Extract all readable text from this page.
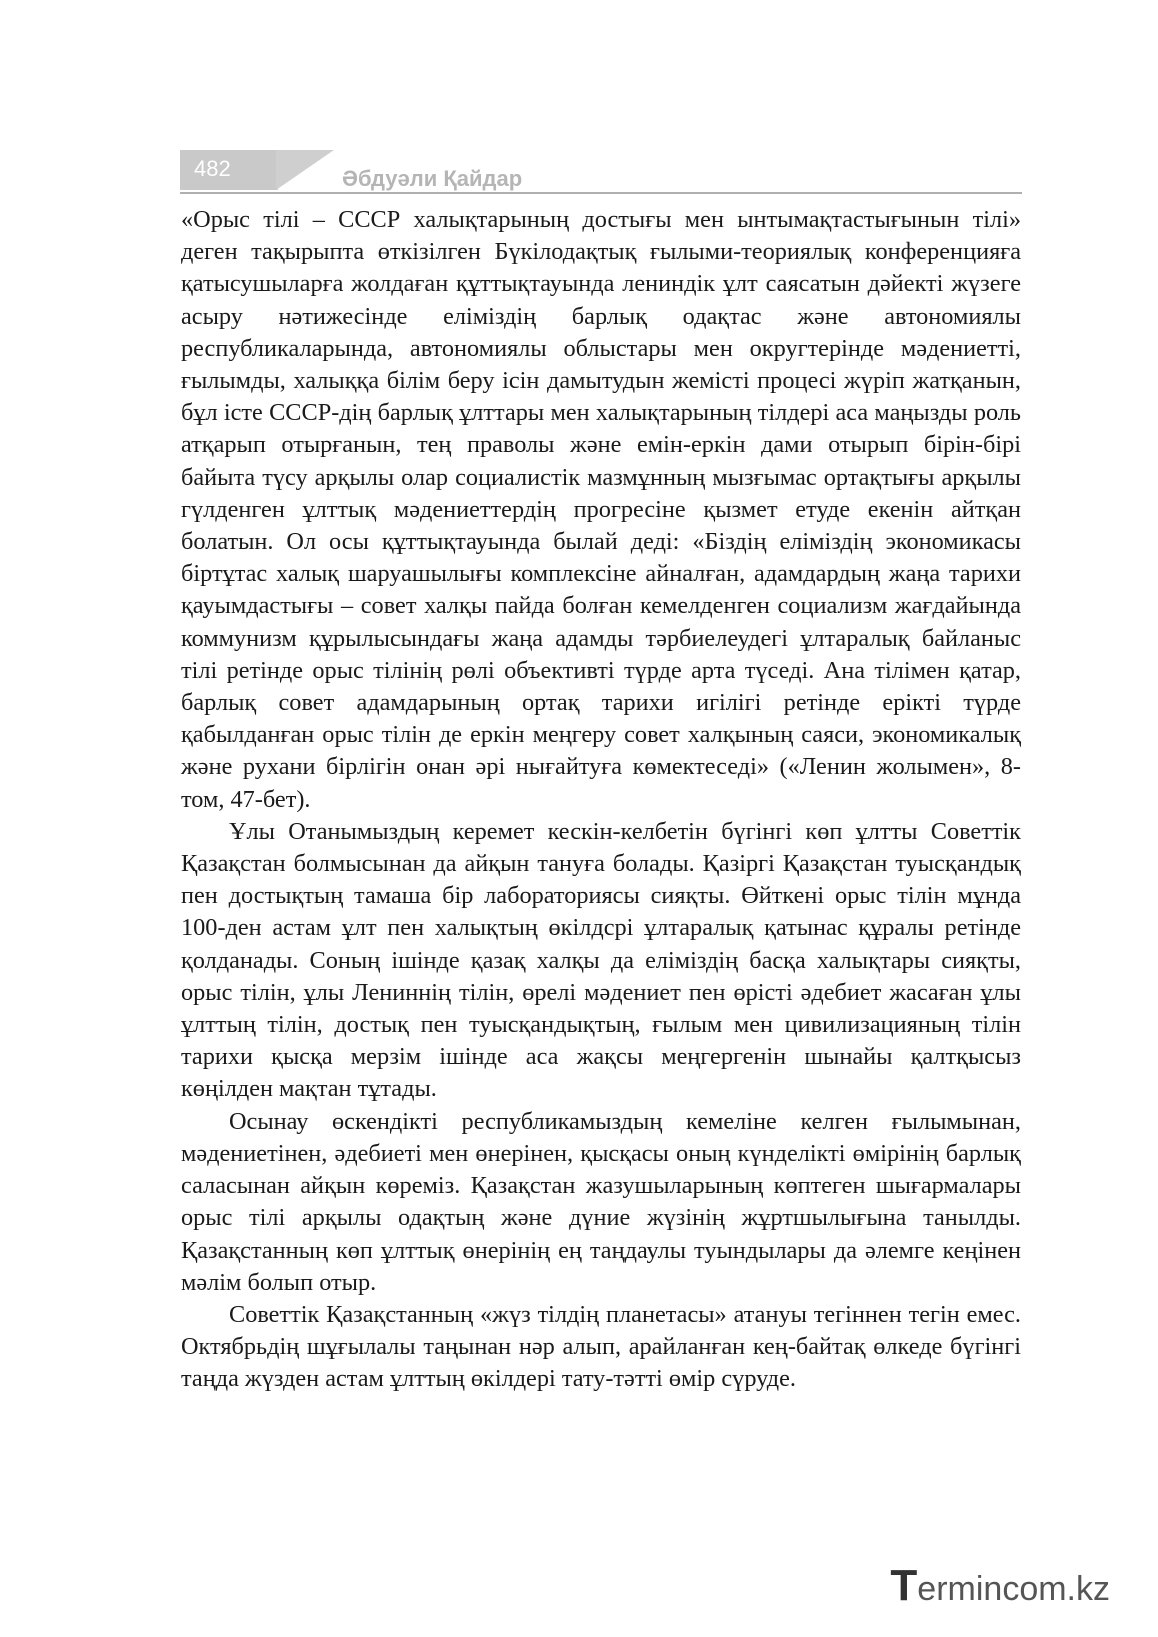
482	Әбдуәли Қайдар

«Орыс тілі – СССР халықтарының достығы мен ынтымақтастығынын тілі» деген тақырыпта өткізілген Бүкілодақтық ғылыми-теориялық конференцияға қатысушыларға жолдаған құттықтауында лениндік ұлт саясатын дәйекті жүзеге асыру нәтижесінде еліміздің барлық одақтас және автономиялы республикаларында, автономиялы облыстары мен округтерінде мәдениетті, ғылымды, халыққа білім беру ісін дамытудын жемісті процесі жүріп жатқанын, бұл істе СССР-дің барлық ұлттары мен халықтарының тілдері аса маңызды роль атқарып отырғанын, тең праволы және емін-еркін дами отырып бірін-бірі байыта түсу арқылы олар социалистік мазмұнның мызғымас ортақтығы арқылы гүлденген ұлттық мәдениеттердің прогресіне қызмет етуде екенін айтқан болатын. Ол осы құттықтауында былай деді: «Біздің еліміздің экономикасы біртұтас халық шаруашылығы комплексіне айналған, адамдардың жаңа тарихи қауымдастығы – совет халқы пайда болған кемелденген социализм жағдайында коммунизм құрылысындағы жаңа адамды тәрбиелеудегі ұлтаралық байланыс тілі ретінде орыс тілінің рөлі объективті түрде арта түседі. Ана тілімен қатар, барлық совет адамдарының ортақ тарихи игілігі ретінде ерікті түрде қабылданған орыс тілін де еркін меңгеру совет халқының саяси, экономикалық және рухани бірлігін онан әрі нығайтуға көмектеседі» («Ленин жолымен», 8-том, 47-бет).

Ұлы Отанымыздың керемет кескін-келбетін бүгінгі көп ұлтты Советтік Қазақстан болмысынан да айқын тануға болады. Қазіргі Қазақстан туысқандық пен достықтың тамаша бір лабораториясы сияқты. Өйткені орыс тілін мұнда 100-ден астам ұлт пен халықтың өкілдсрі ұлтаралық қатынас құралы ретінде қолданады. Соның ішінде қазақ халқы да еліміздің басқа халықтары сияқты, орыс тілін, ұлы Лениннің тілін, өрелі мәдениет пен өрісті әдебиет жасаған ұлы ұлттың тілін, достық пен туысқандықтың, ғылым мен цивилизацияның тілін тарихи қысқа мерзім ішінде аса жақсы меңгергенін шынайы қалтқысыз көңілден мақтан тұтады.

Осынау өскендікті республикамыздың кемеліне келген ғылымынан, мәдениетінен, әдебиеті мен өнерінен, қысқасы оның күнделікті өмірінің барлық саласынан айқын көреміз. Қазақстан жазушыларының көптеген шығармалары орыс тілі арқылы одақтың және дүние жүзінің жұртшылығына танылды. Қазақстанның көп ұлттық өнерінің ең таңдаулы туындылары да әлемге кеңінен мәлім болып отыр.

Советтік Қазақстанның «жүз тілдің планетасы» атануы тегіннен тегін емес. Октябрьдің шұғылалы таңынан нәр алып, арайланған кең-байтақ өлкеде бүгінгі таңда жүзден астам ұлттың өкілдері тату-тәтті өмір сүруде.

Termincom.kz
